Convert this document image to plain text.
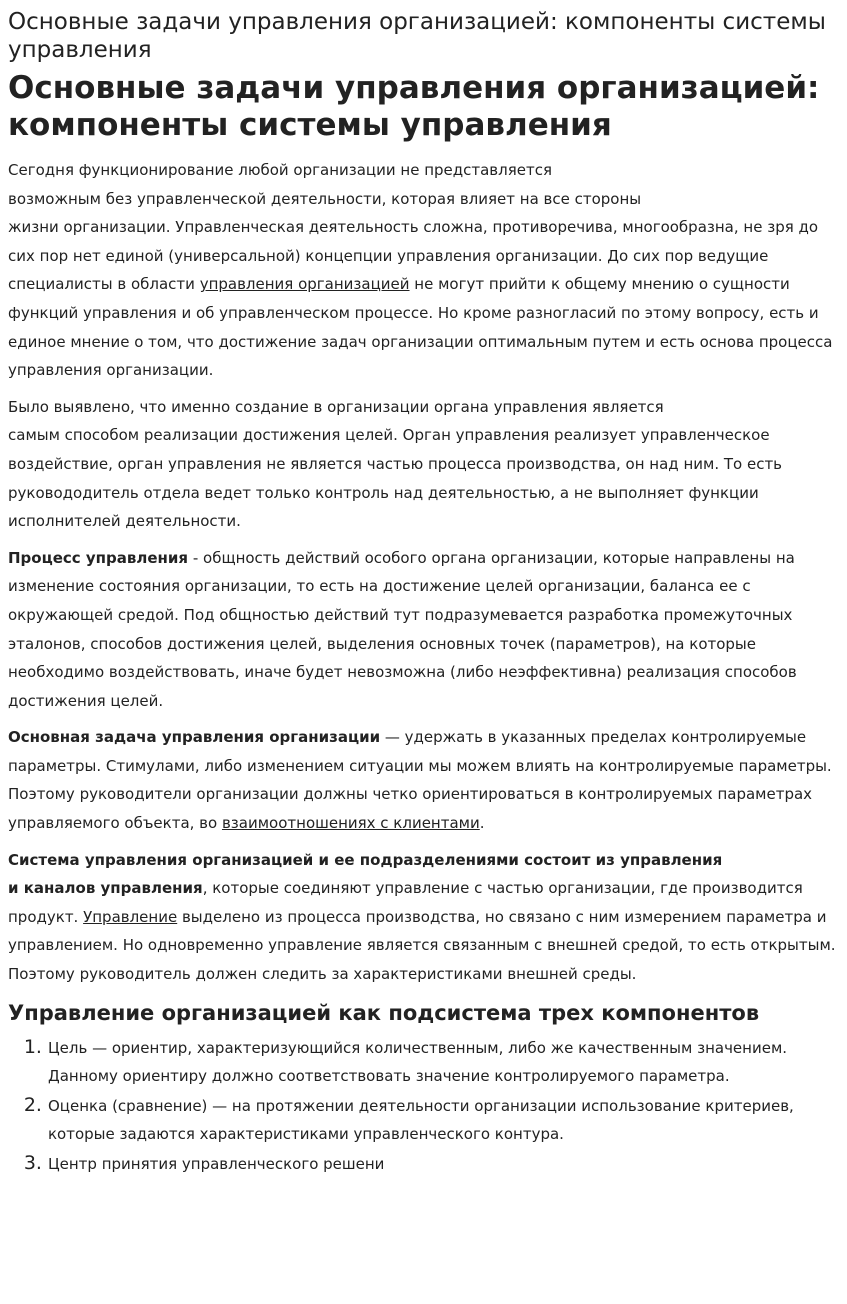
Основные задачи управления организацией: компоненты системы управления
Основные задачи управления организацией: компоненты системы управления

Сегодня функционирование любой организации не представляется
возможным без управленческой деятельности, которая влияет на все стороны
жизни организации. Управленческая деятельность сложна, противоречива, многообразна, не зря до сих пор нет единой (универсальной) концепции управления организации. До сих пор ведущие специалисты в области управления организацией не могут прийти к общему мнению о сущности функций управления и об управленческом процессе. Но кроме разногласий по этому вопросу, есть и единое мнение о том, что достижение задач организации оптимальным путем и есть основа процесса управления организации.

Было выявлено, что именно создание в организации органа управления является
самым способом реализации достижения целей. Орган управления реализует управленческое воздействие, орган управления не является частью процесса производства, он над ним. То есть руковододитель отдела ведет только контроль над деятельностью, а не выполняет функции исполнителей деятельности.

Процесс управления - общность действий особого органа организации, которые направлены на изменение состояния организации, то есть на достижение целей организации, баланса ее с окружающей средой. Под общностью действий тут подразумевается разработка промежуточных эталонов, способов достижения целей, выделения основных точек (параметров), на которые необходимо воздействовать, иначе будет невозможна (либо неэффективна) реализация способов достижения целей.

Основная задача управления организации — удержать в указанных пределах контролируемые параметры. Стимулами, либо изменением ситуации мы можем влиять на контролируемые параметры. Поэтому руководители организации должны четко ориентироваться в контролируемых параметрах управляемого объекта, во взаимоотношениях с клиентами.

Система управления организацией и ее подразделениями состоит из управления
и каналов управления, которые соединяют управление с частью организации, где производится продукт. Управление выделено из процесса производства, но связано с ним измерением параметра и управлением. Но одновременно управление является связанным с внешней средой, то есть открытым. Поэтому руководитель должен следить за характеристиками внешней среды.

Управление организацией как подсистема трех компонентов
1. Цель — ориентир, характеризующийся количественным, либо же качественным значением. Данному ориентиру должно соответствовать значение контролируемого параметра.
2. Оценка (сравнение) — на протяжении деятельности организации использование критериев, которые задаются характеристиками управленческого контура.
3. Центр принятия управленческого решени
